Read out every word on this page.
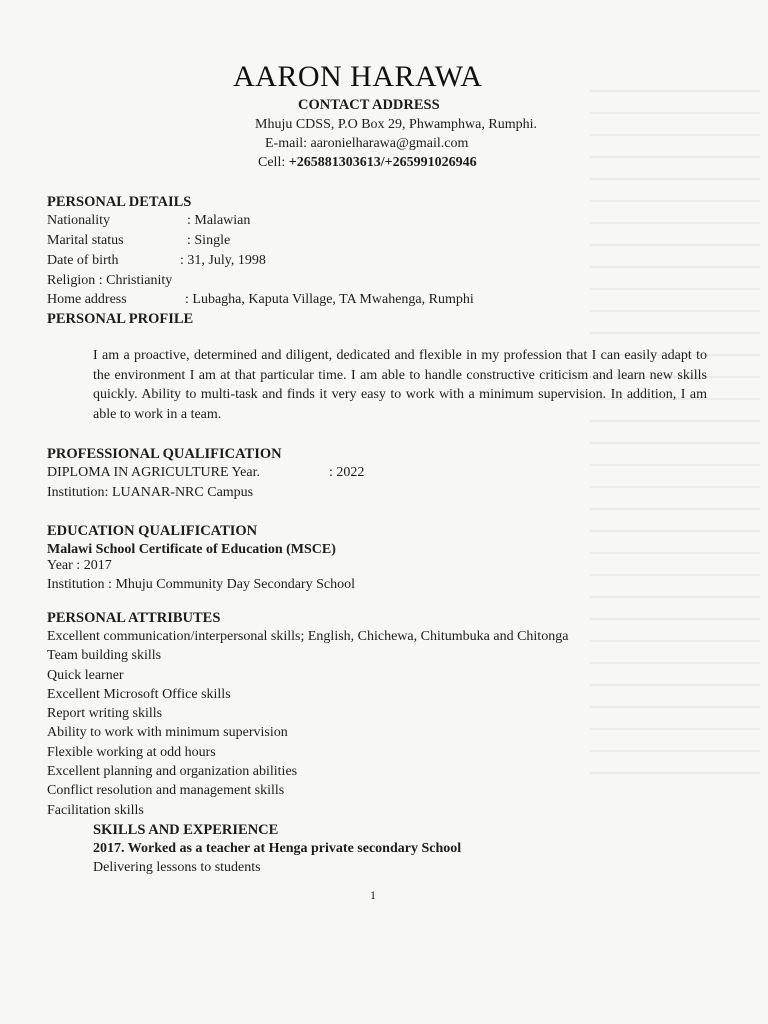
AARON HARAWA
CONTACT ADDRESS
Mhuju CDSS, P.O Box 29, Phwamphwa, Rumphi.
E-mail: aaronielharawa@gmail.com
Cell: +265881303613/+265991026946
PERSONAL DETAILS
Nationality	: Malawian
Marital status	: Single
Date of birth	: 31, July, 1998
Religion : Christianity
Home address	: Lubagha, Kaputa Village, TA Mwahenga, Rumphi
PERSONAL PROFILE
I am a proactive, determined and diligent, dedicated and flexible in my profession that I can easily adapt to the environment I am at that particular time. I am able to handle constructive criticism and learn new skills quickly. Ability to multi-task and finds it very easy to work with a minimum supervision. In addition, I am able to work in a team.
PROFESSIONAL QUALIFICATION
DIPLOMA IN AGRICULTURE Year.	: 2022
Institution: LUANAR-NRC Campus
EDUCATION QUALIFICATION
Malawi School Certificate of Education (MSCE)
Year : 2017
Institution : Mhuju Community Day Secondary School
PERSONAL ATTRIBUTES
Excellent communication/interpersonal skills; English, Chichewa, Chitumbuka and Chitonga
Team building skills
Quick learner
Excellent Microsoft Office skills
Report writing skills
Ability to work with minimum supervision
Flexible working at odd hours
Excellent planning and organization abilities
Conflict resolution and management skills
Facilitation skills
SKILLS AND EXPERIENCE
2017. Worked as a teacher at Henga private secondary School
Delivering lessons to students
1
